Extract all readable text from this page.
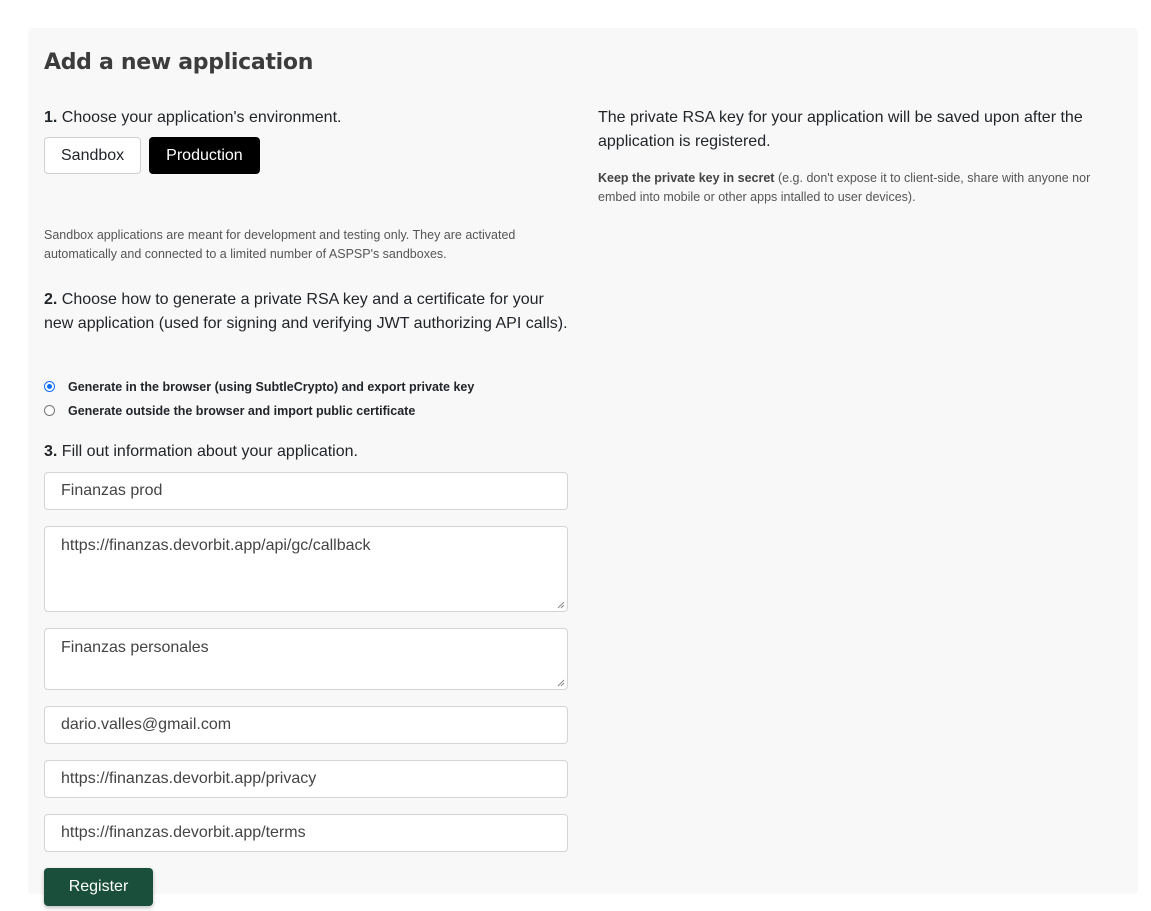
Add a new application

1. Choose your application's environment.

Sandbox	Production

Sandbox applications are meant for development and testing only. They are activated automatically and connected to a limited number of ASPSP's sandboxes.

2. Choose how to generate a private RSA key and a certificate for your new application (used for signing and verifying JWT authorizing API calls).

Generate in the browser (using SubtleCrypto) and export private key
Generate outside the browser and import public certificate

3. Fill out information about your application.

Finanzas prod
https://finanzas.devorbit.app/api/gc/callback
Finanzas personales
dario.valles@gmail.com
https://finanzas.devorbit.app/privacy
https://finanzas.devorbit.app/terms
Register

The private RSA key for your application will be saved upon after the application is registered.

Keep the private key in secret (e.g. don't expose it to client-side, share with anyone nor embed into mobile or other apps intalled to user devices).
